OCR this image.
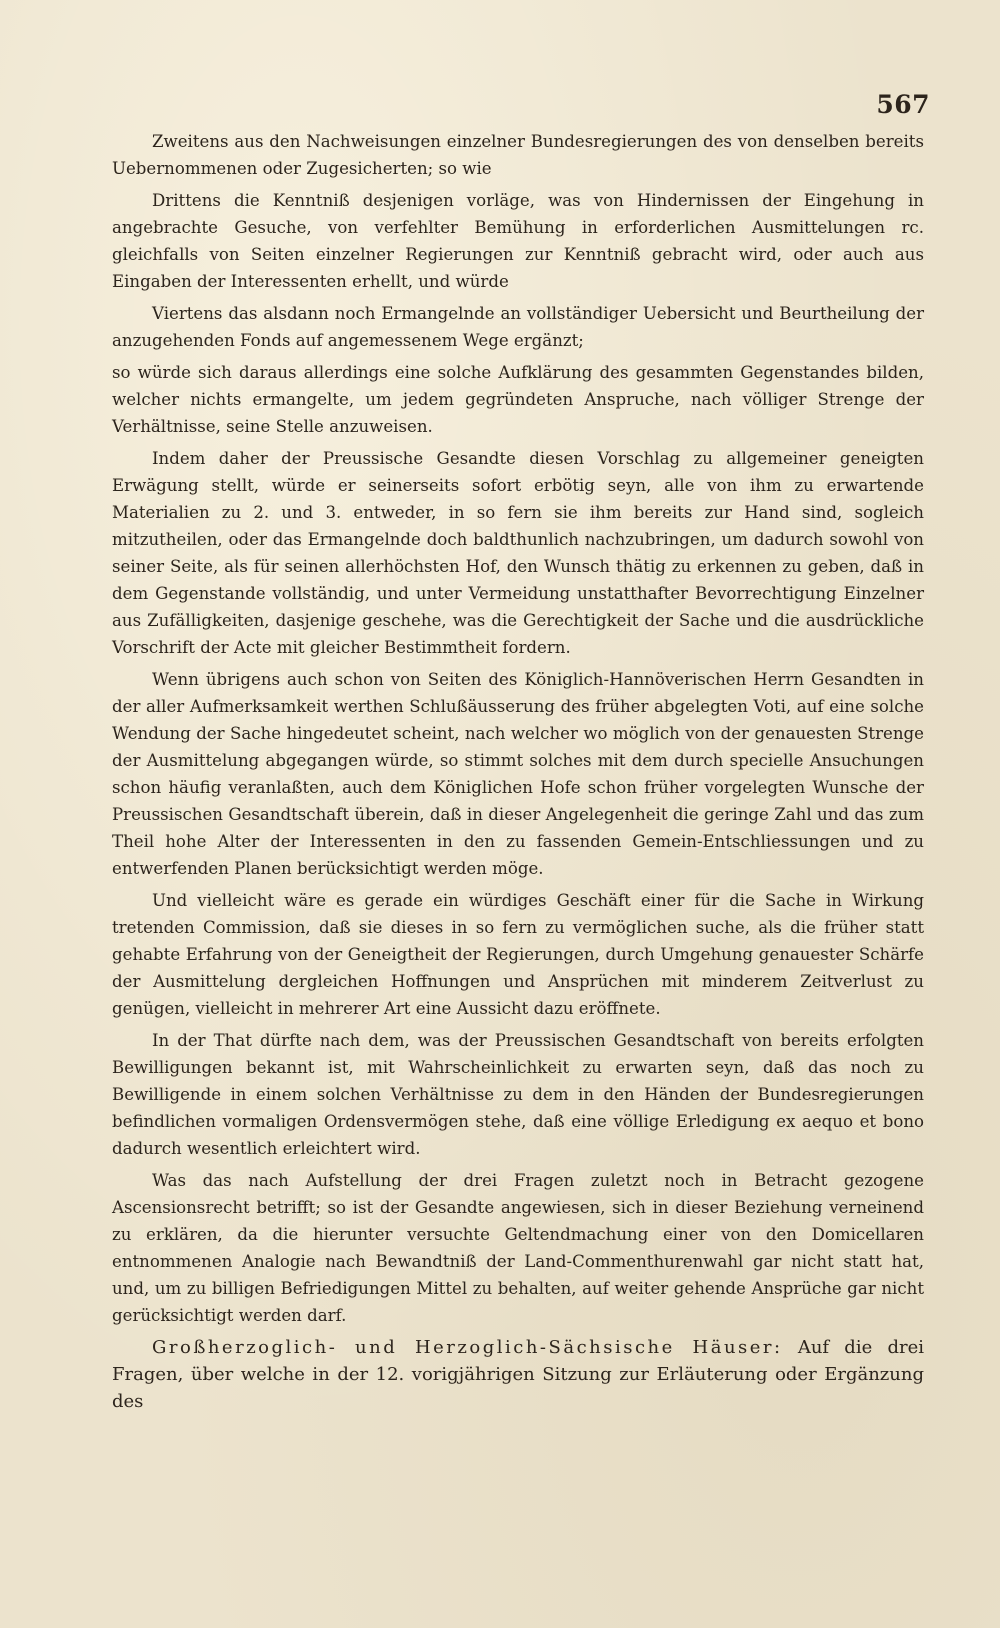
567

Zweitens aus den Nachweisungen einzelner Bundesregierungen des von denselben bereits Uebernommenen oder Zugesicherten; so wie

Drittens die Kenntniß desjenigen vorläge, was von Hindernissen der Eingehung in angebrachte Gesuche, von verfehlter Bemühung in erforderlichen Ausmittelungen rc. gleichfalls von Seiten einzelner Regierungen zur Kenntniß gebracht wird, oder auch aus Eingaben der Interessenten erhellt, und würde

Viertens das alsdann noch Ermangelnde an vollständiger Uebersicht und Beurtheilung der anzugehenden Fonds auf angemessenem Wege ergänzt;

so würde sich daraus allerdings eine solche Aufklärung des gesammten Gegenstandes bilden, welcher nichts ermangelte, um jedem gegründeten Anspruche, nach völliger Strenge der Verhältnisse, seine Stelle anzuweisen.

Indem daher der Preussische Gesandte diesen Vorschlag zu allgemeiner geneigten Erwägung stellt, würde er seinerseits sofort erbötig seyn, alle von ihm zu erwartende Materialien zu 2. und 3. entweder, in so fern sie ihm bereits zur Hand sind, sogleich mitzutheilen, oder das Ermangelnde doch baldthunlich nachzubringen, um dadurch sowohl von seiner Seite, als für seinen allerhöchsten Hof, den Wunsch thätig zu erkennen zu geben, daß in dem Gegenstande vollständig, und unter Vermeidung unstatthafter Bevorrechtigung Einzelner aus Zufälligkeiten, dasjenige geschehe, was die Gerechtigkeit der Sache und die ausdrückliche Vorschrift der Acte mit gleicher Bestimmtheit fordern.

Wenn übrigens auch schon von Seiten des Königlich-Hannöverischen Herrn Gesandten in der aller Aufmerksamkeit werthen Schlußäusserung des früher abgelegten Voti, auf eine solche Wendung der Sache hingedeutet scheint, nach welcher wo möglich von der genauesten Strenge der Ausmittelung abgegangen würde, so stimmt solches mit dem durch specielle Ansuchungen schon häufig veranlaßten, auch dem Königlichen Hofe schon früher vorgelegten Wunsche der Preussischen Gesandtschaft überein, daß in dieser Angelegenheit die geringe Zahl und das zum Theil hohe Alter der Interessenten in den zu fassenden Gemein-Entschliessungen und zu entwerfenden Planen berücksichtigt werden möge.

Und vielleicht wäre es gerade ein würdiges Geschäft einer für die Sache in Wirkung tretenden Commission, daß sie dieses in so fern zu vermöglichen suche, als die früher statt gehabte Erfahrung von der Geneigtheit der Regierungen, durch Umgehung genauester Schärfe der Ausmittelung dergleichen Hoffnungen und Ansprüchen mit minderem Zeitverlust zu genügen, vielleicht in mehrerer Art eine Aussicht dazu eröffnete.

In der That dürfte nach dem, was der Preussischen Gesandtschaft von bereits erfolgten Bewilligungen bekannt ist, mit Wahrscheinlichkeit zu erwarten seyn, daß das noch zu Bewilligende in einem solchen Verhältnisse zu dem in den Händen der Bundesregierungen befindlichen vormaligen Ordensvermögen stehe, daß eine völlige Erledigung ex aequo et bono dadurch wesentlich erleichtert wird.

Was das nach Aufstellung der drei Fragen zuletzt noch in Betracht gezogene Ascensionsrecht betrifft; so ist der Gesandte angewiesen, sich in dieser Beziehung verneinend zu erklären, da die hierunter versuchte Geltendmachung einer von den Domicellaren entnommenen Analogie nach Bewandtniß der Land-Commenthurenwahl gar nicht statt hat, und, um zu billigen Befriedigungen Mittel zu behalten, auf weiter gehende Ansprüche gar nicht gerücksichtigt werden darf.

Großherzoglich- und Herzoglich-Sächsische Häuser: Auf die drei Fragen, über welche in der 12. vorigjährigen Sitzung zur Erläuterung oder Ergänzung des
